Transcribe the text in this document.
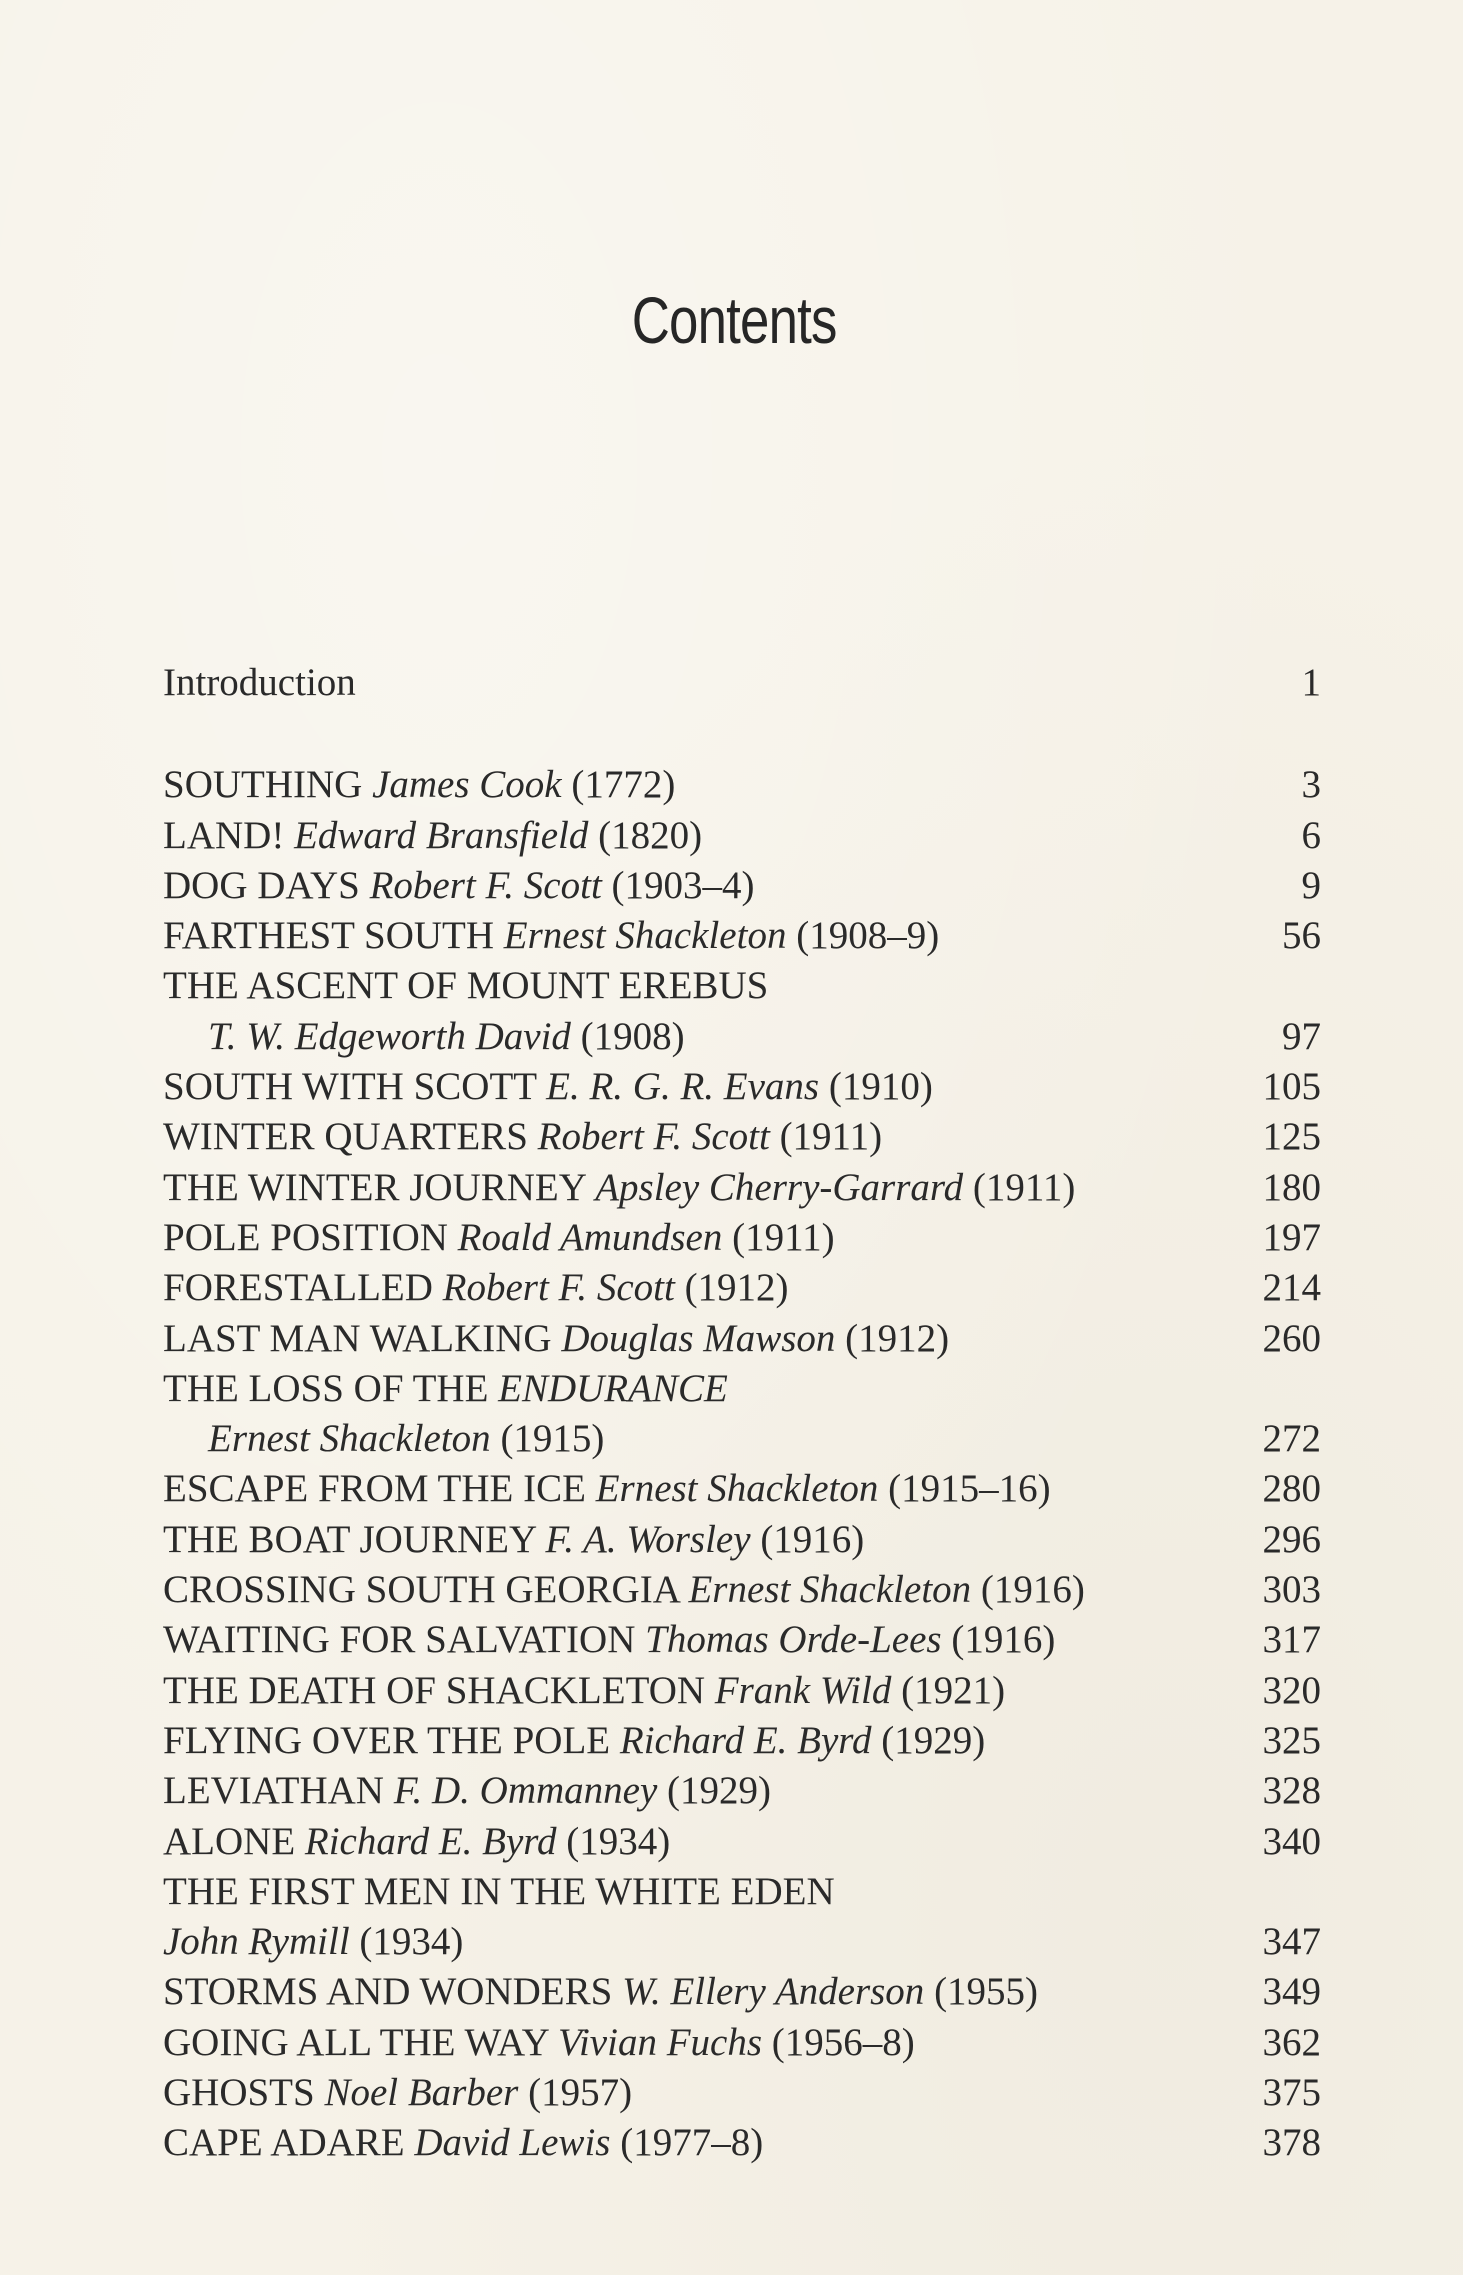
Contents
Introduction	1
SOUTHING James Cook (1772)	3
LAND! Edward Bransfield (1820)	6
DOG DAYS Robert F. Scott (1903–4)	9
FARTHEST SOUTH Ernest Shackleton (1908–9)	56
THE ASCENT OF MOUNT EREBUS
T. W. Edgeworth David (1908)	97
SOUTH WITH SCOTT E. R. G. R. Evans (1910)	105
WINTER QUARTERS Robert F. Scott (1911)	125
THE WINTER JOURNEY Apsley Cherry-Garrard (1911)	180
POLE POSITION Roald Amundsen (1911)	197
FORESTALLED Robert F. Scott (1912)	214
LAST MAN WALKING Douglas Mawson (1912)	260
THE LOSS OF THE ENDURANCE
Ernest Shackleton (1915)	272
ESCAPE FROM THE ICE Ernest Shackleton (1915–16)	280
THE BOAT JOURNEY F. A. Worsley (1916)	296
CROSSING SOUTH GEORGIA Ernest Shackleton (1916)	303
WAITING FOR SALVATION Thomas Orde-Lees (1916)	317
THE DEATH OF SHACKLETON Frank Wild (1921)	320
FLYING OVER THE POLE Richard E. Byrd (1929)	325
LEVIATHAN F. D. Ommanney (1929)	328
ALONE Richard E. Byrd (1934)	340
THE FIRST MEN IN THE WHITE EDEN
John Rymill (1934)	347
STORMS AND WONDERS W. Ellery Anderson (1955)	349
GOING ALL THE WAY Vivian Fuchs (1956–8)	362
GHOSTS Noel Barber (1957)	375
CAPE ADARE David Lewis (1977–8)	378
